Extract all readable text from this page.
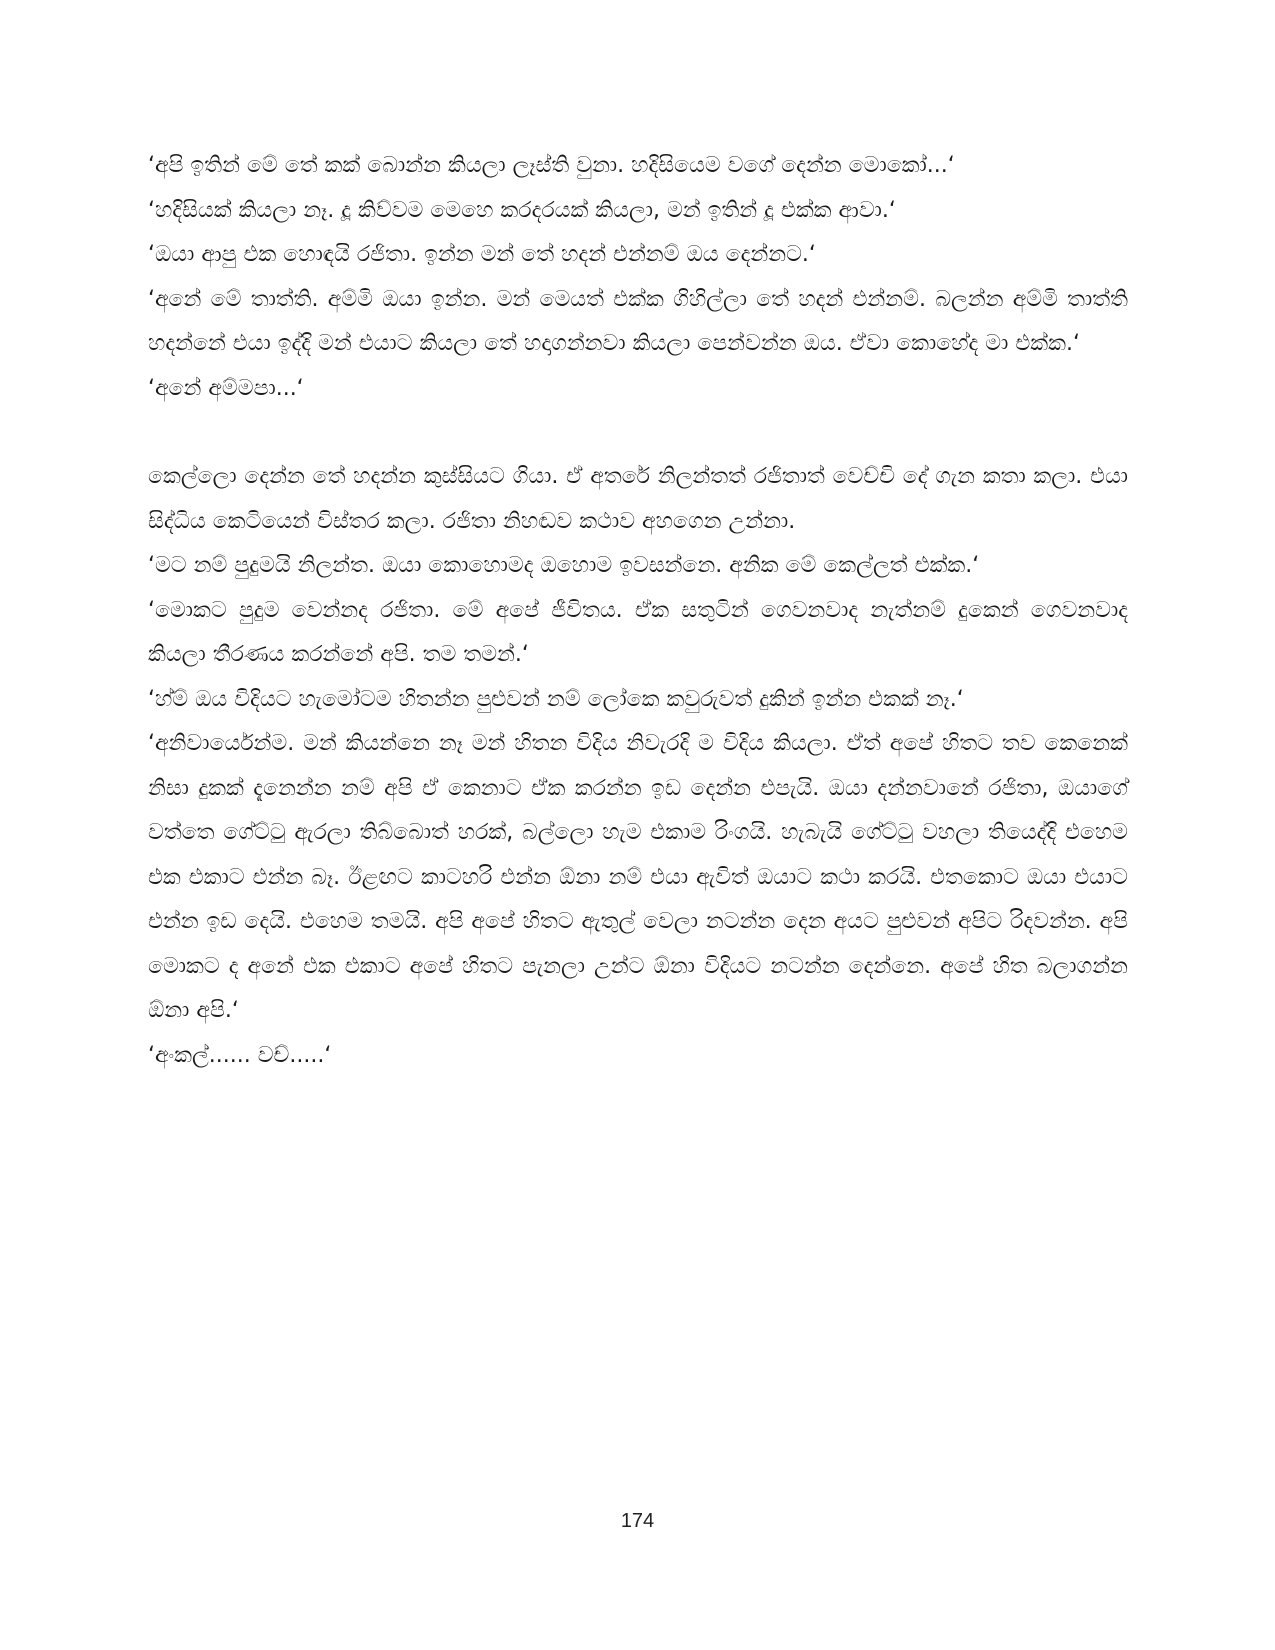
‘අපි ඉතින් මේ තේ කක් බොන්න කියලා ලෑස්ති වුනා. හදිසියෙම වගේ දෙන්න මොකෝ...‘

‘හදිසියක් කියලා නෑ. දූ කිව්වම මෙහෙ කරදරයක් කියලා, මන් ඉතින් දූ එක්ක ආවා.‘

‘ඔයා ආපු එක හොඳයි රජිතා. ඉන්න මන් තේ හදන් එන්නම් ඔය දෙන්නට.‘

‘අනේ මේ තාත්ති. අම්මි ඔයා ඉන්න. මන් මෙයත් එක්ක ගිහිල්ලා තේ හදන් එන්නම්. බලන්න අම්මි තාත්ති හදන්නේ එයා ඉද්දි මන් එයාට කියලා තේ හදාගන්නවා කියලා පෙන්වන්න ඔය. ඒවා කොහේද මා එක්ක.‘

‘අනේ අම්මපා...‘

කෙල්ලො දෙන්න තේ හදන්න කුස්සියට ගියා. ඒ අතරේ නිලන්තත් රජිතාත් වෙච්චි දේ ගැන කතා කලා. එයා සිද්ධිය කෙටියෙන් විස්තර කලා. රජිතා නිහඬව කථාව අහගෙන උන්නා.

‘මට නම් පුදුමයි නිලන්ත. ඔයා කොහොමද ඔහොම ඉවසන්නෙ. අනික මේ කෙල්ලත් එක්ක.‘

‘මොකට පුදුම වෙන්නද රජිතා. මේ අපේ ජීවිතය. ඒක සතුටින් ගෙවනවාද නැත්නම් දුකෙන් ගෙවනවාද කියලා තීරණය කරන්නේ අපි. තම තමන්.‘

‘හ්ම් ඔය විදියට හැමෝටම හිතන්න පුළුවන් නම් ලෝකෙ කවුරුවත් දුකින් ඉන්න එකක් නෑ.‘

‘අනිවාර්යෙන්ම. මන් කියන්නෙ නෑ මන් හිතන විදිය නිවැරදි ම විදිය කියලා. ඒත් අපේ හිතට තව කෙනෙක් නිසා දුකක් දැනෙන්න නම් අපි ඒ කෙනාට ඒක කරන්න ඉඩ දෙන්න එපැයි. ඔයා දන්නවානේ රජිතා, ඔයාගේ වත්තෙ ගේට්ටු ඇරලා තිබ්බොත් හරක්, බල්ලො හැම එකාම රිංගයි. හැබැයි ගේට්ටු වහලා තියෙද්දි එහෙම එක එකාට එන්න බෑ. ඊළඟට කාටහරි එන්න ඕනා නම් එයා ඇවිත් ඔයාට කථා කරයි. එතකොට ඔයා එයාට එන්න ඉඩ දෙයි. එහෙම තමයි. අපි අපේ හිතට ඇතුල් වෙලා නටන්න දෙන අයට පුළුවන් අපිට රිදවන්න. අපි මොකට ද අනේ එක එකාට අපේ හිතට පැනලා උන්ට ඕනා විදියට නටන්න දෙන්නෙ. අපේ හිත බලාගන්න ඕනා අපි.‘

‘අංකල්...... වච්.....‘

174
